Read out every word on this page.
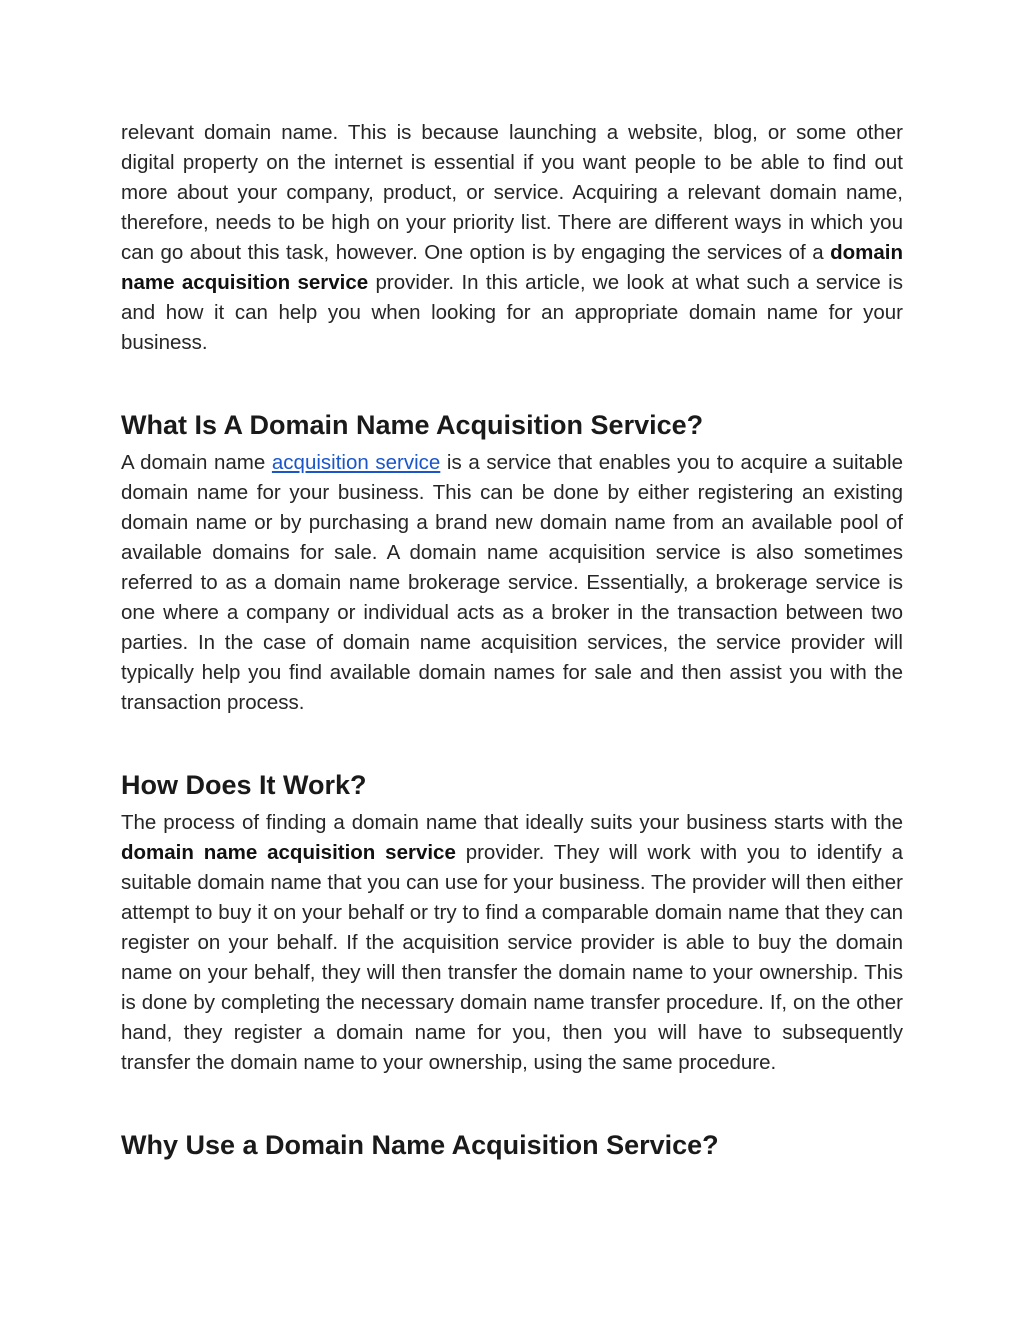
relevant domain name. This is because launching a website, blog, or some other digital property on the internet is essential if you want people to be able to find out more about your company, product, or service. Acquiring a relevant domain name, therefore, needs to be high on your priority list. There are different ways in which you can go about this task, however. One option is by engaging the services of a domain name acquisition service provider. In this article, we look at what such a service is and how it can help you when looking for an appropriate domain name for your business.

What Is A Domain Name Acquisition Service?

A domain name acquisition service is a service that enables you to acquire a suitable domain name for your business. This can be done by either registering an existing domain name or by purchasing a brand new domain name from an available pool of available domains for sale. A domain name acquisition service is also sometimes referred to as a domain name brokerage service. Essentially, a brokerage service is one where a company or individual acts as a broker in the transaction between two parties. In the case of domain name acquisition services, the service provider will typically help you find available domain names for sale and then assist you with the transaction process.

How Does It Work?

The process of finding a domain name that ideally suits your business starts with the domain name acquisition service provider. They will work with you to identify a suitable domain name that you can use for your business. The provider will then either attempt to buy it on your behalf or try to find a comparable domain name that they can register on your behalf. If the acquisition service provider is able to buy the domain name on your behalf, they will then transfer the domain name to your ownership. This is done by completing the necessary domain name transfer procedure. If, on the other hand, they register a domain name for you, then you will have to subsequently transfer the domain name to your ownership, using the same procedure.

Why Use a Domain Name Acquisition Service?
